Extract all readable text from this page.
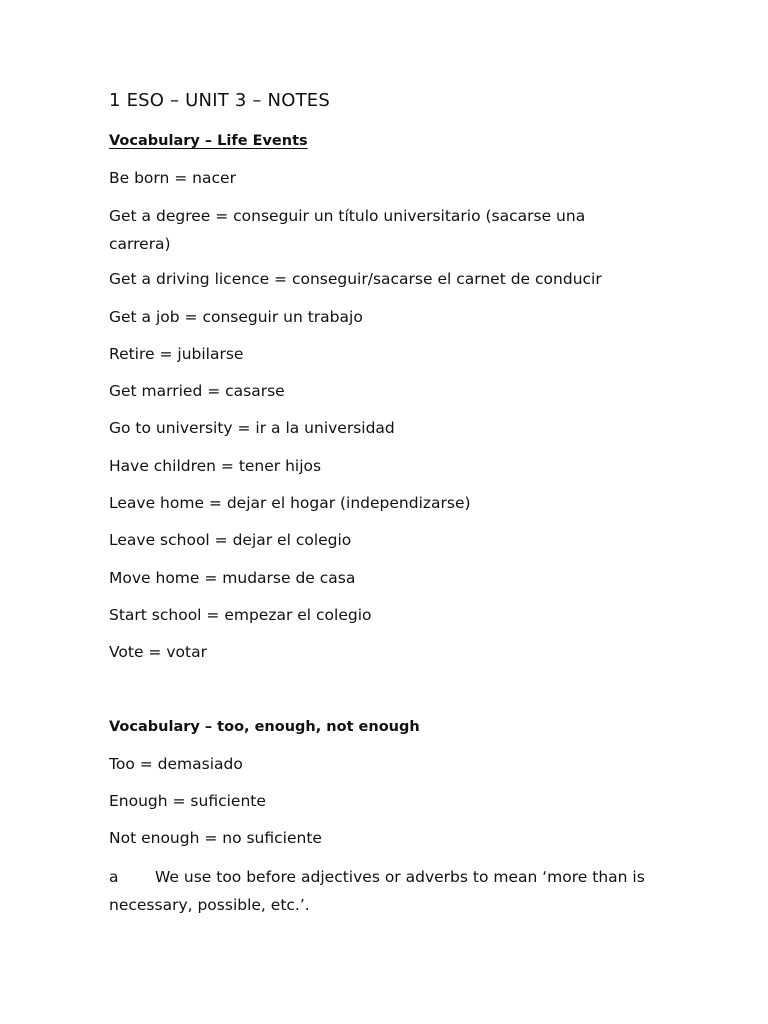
1 ESO – UNIT 3 – NOTES
Vocabulary – Life Events

Be born = nacer

Get a degree = conseguir un título universitario (sacarse una carrera)

Get a driving licence = conseguir/sacarse el carnet de conducir

Get a job = conseguir un trabajo

Retire = jubilarse

Get married = casarse

Go to university = ir a la universidad

Have children = tener hijos

Leave home = dejar el hogar (independizarse)

Leave school = dejar el colegio

Move home = mudarse de casa

Start school = empezar el colegio

Vote = votar

Vocabulary – too, enough, not enough

Too = demasiado

Enough = suficiente

Not enough = no suficiente

a We use too before adjectives or adverbs to mean ‘more than is necessary, possible, etc.’.
